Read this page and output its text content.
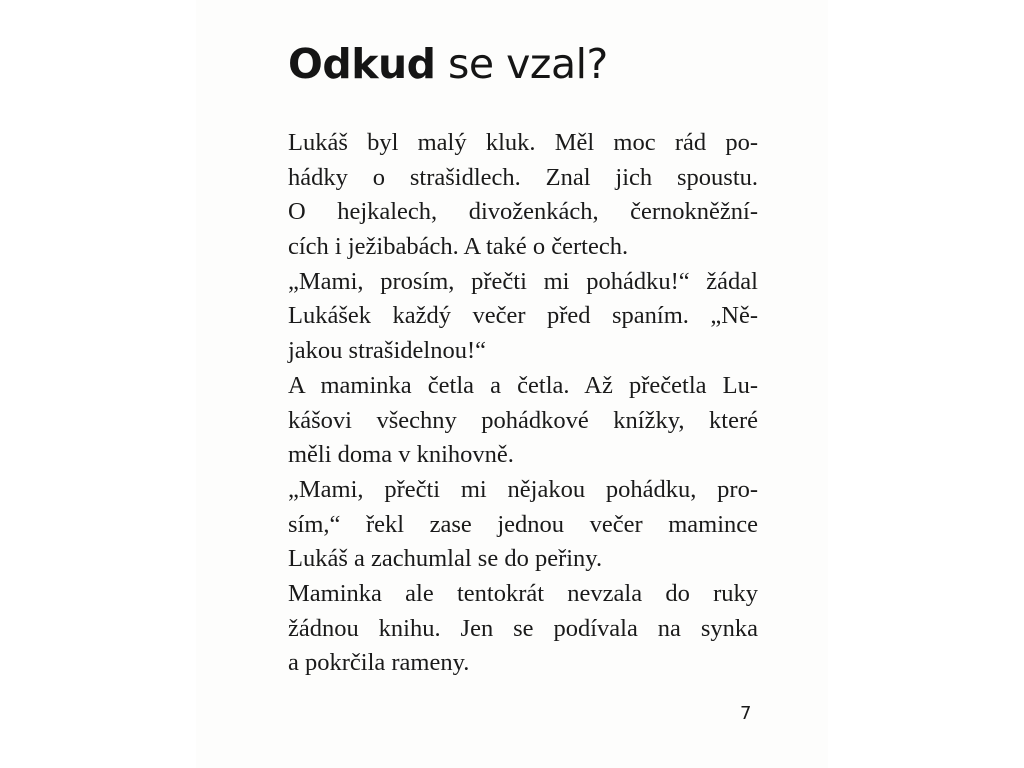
Odkud se vzal?
Lukáš byl malý kluk. Měl moc rád po-
hádky o strašidlech. Znal jich spoustu.
O hejkalech, divoženkách, černokněžní-
cích i ježibabách. A také o čertech.
„Mami, prosím, přečti mi pohádku!“ žádal
Lukášek každý večer před spaním. „Ně-
jakou strašidelnou!“
A maminka četla a četla. Až přečetla Lu-
kášovi všechny pohádkové knížky, které
měli doma v knihovně.
„Mami, přečti mi nějakou pohádku, pro-
sím,“ řekl zase jednou večer mamince
Lukáš a zachumlal se do peřiny.
Maminka ale tentokrát nevzala do ruky
žádnou knihu. Jen se podívala na synka
a pokrčila rameny.
7
